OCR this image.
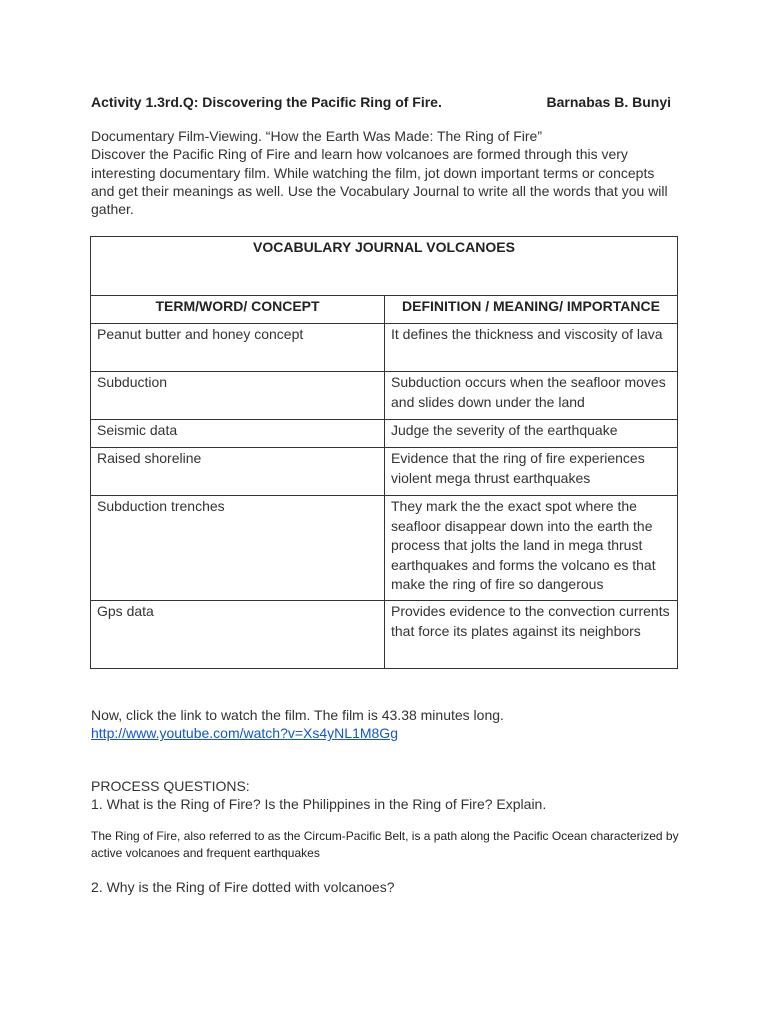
Activity 1.3rd.Q: Discovering the Pacific Ring of Fire.	Barnabas B. Bunyi

Documentary Film-Viewing. “How the Earth Was Made: The Ring of Fire”

Discover the Pacific Ring of Fire and learn how volcanoes are formed through this very interesting documentary film. While watching the film, jot down important terms or concepts and get their meanings as well. Use the Vocabulary Journal to write all the words that you will gather.

VOCABULARY JOURNAL VOLCANOES	
TERM/WORD/ CONCEPT	DEFINITION / MEANING/ IMPORTANCE
Peanut butter and honey concept	It defines the thickness and viscosity of lava
Subduction	Subduction occurs when the seafloor moves and slides down under the land
Seismic data	Judge the severity of the earthquake
Raised shoreline	Evidence that the ring of fire experiences violent mega thrust earthquakes
Subduction trenches	They mark the the exact spot where the seafloor disappear down into the earth the process that jolts the land in mega thrust earthquakes and forms the volcano es that make the ring of fire so dangerous
Gps data	Provides evidence to the convection currents that force its plates against its neighbors

Now, click the link to watch the film. The film is 43.38 minutes long.

http://www.youtube.com/watch?v=Xs4yNL1M8Gg

PROCESS QUESTIONS:

1. What is the Ring of Fire? Is the Philippines in the Ring of Fire? Explain.

The Ring of Fire, also referred to as the Circum-Pacific Belt, is a path along the Pacific Ocean characterized by active volcanoes and frequent earthquakes
2. Why is the Ring of Fire dotted with volcanoes?
